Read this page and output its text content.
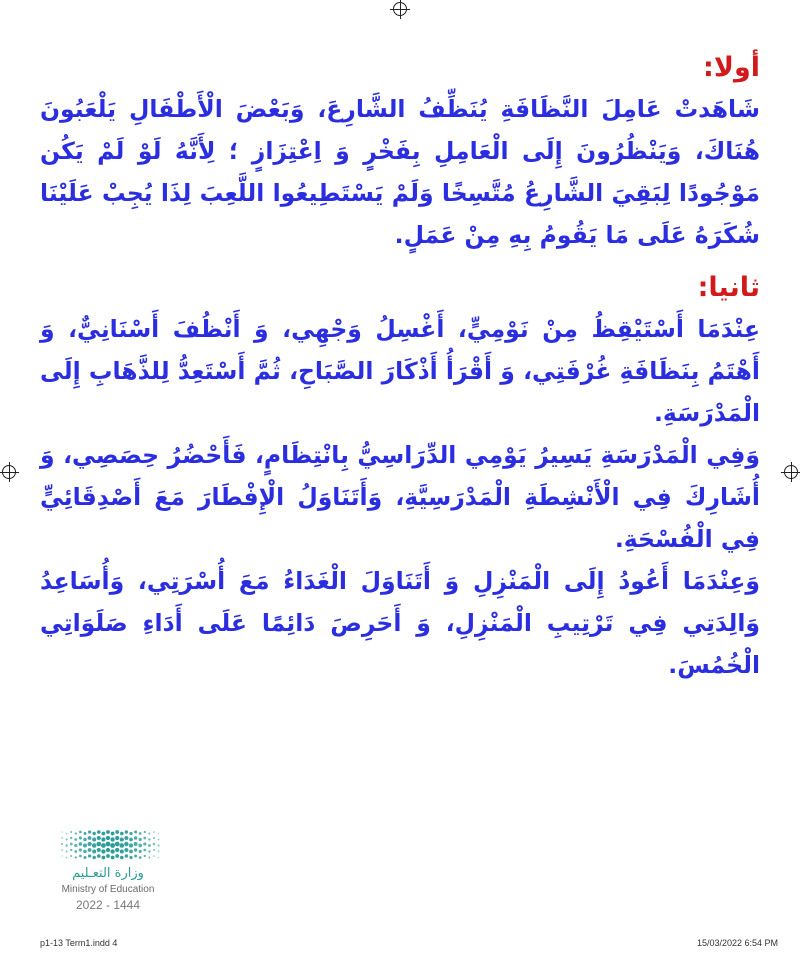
أولا:

شَاهَدتْ عَامِلَ النَّظَافَةِ يُنَظِّفُ الشَّارِعَ، وَبَعْضَ الْأَطْفَالِ يَلْعَبُونَ هُنَاكَ، وَيَنْظُرُونَ إِلَى الْعَامِلِ بِفَخْرٍ وَ اِعْتِزَازٍ ؛ لِأَنَّهُ لَوْ لَمْ يَكُن مَوْجُودًا لِبَقِيَ الشَّارِعُ مُتَّسِخًا وَلَمْ يَسْتَطِيعُوا اللَّعِبَ لِذَا يُجِبْ عَلَيْنَا شُكَرَهُ عَلَى مَا يَقُومُ بِهِ مِنْ عَمَلٍ.

ثانيا:

عِنْدَمَا أَسْتَيْقِظُ مِنْ نَوْمِيٍّ، أَغْسِلُ وَجْهِي، وَ أَنْظُفَ أَسْنَانِيٌّ، وَ أَهْتَمُ بِنَظَافَةِ غُرْفَتِي، وَ أَقْرَأُ أَذْكَارَ الصَّبَاحِ، ثُمَّ أَسْتَعِدُّ لِلذَّهَابِ إِلَى الْمَدْرَسَةِ.

وَفِي الْمَدْرَسَةِ يَسِيرُ يَوْمِي الدِّرَاسِيُّ بِانْتِظَامٍ، فَأَحْضُرُ حِصَصِي، وَ أُشَارِكَ فِي الْأَنْشِطَةِ الْمَدْرَسِيَّةِ، وَأَتَنَاوَلُ الْإِفْطَارَ مَعَ أَصْدِقَائِيٍّ فِي الْفُسْحَةِ.

وَعِنْدَمَا أَعُودُ إِلَى الْمَنْزِلِ وَ أَتَنَاوَلَ الْغَدَاءُ مَعَ أُسْرَتِي، وَأُسَاعِدُ وَالِدَتِي فِي تَرْتِيبِ الْمَنْزِلِ، وَ أَحَرِصَ دَائِمًا عَلَى أَدَاءِ صَلَوَاتِي الْخُمُسَ.

وزارة التعـليم
Ministry of Education
2022 - 1444
p1-13 Term1.indd 4	15/03/2022 6:54 PM
